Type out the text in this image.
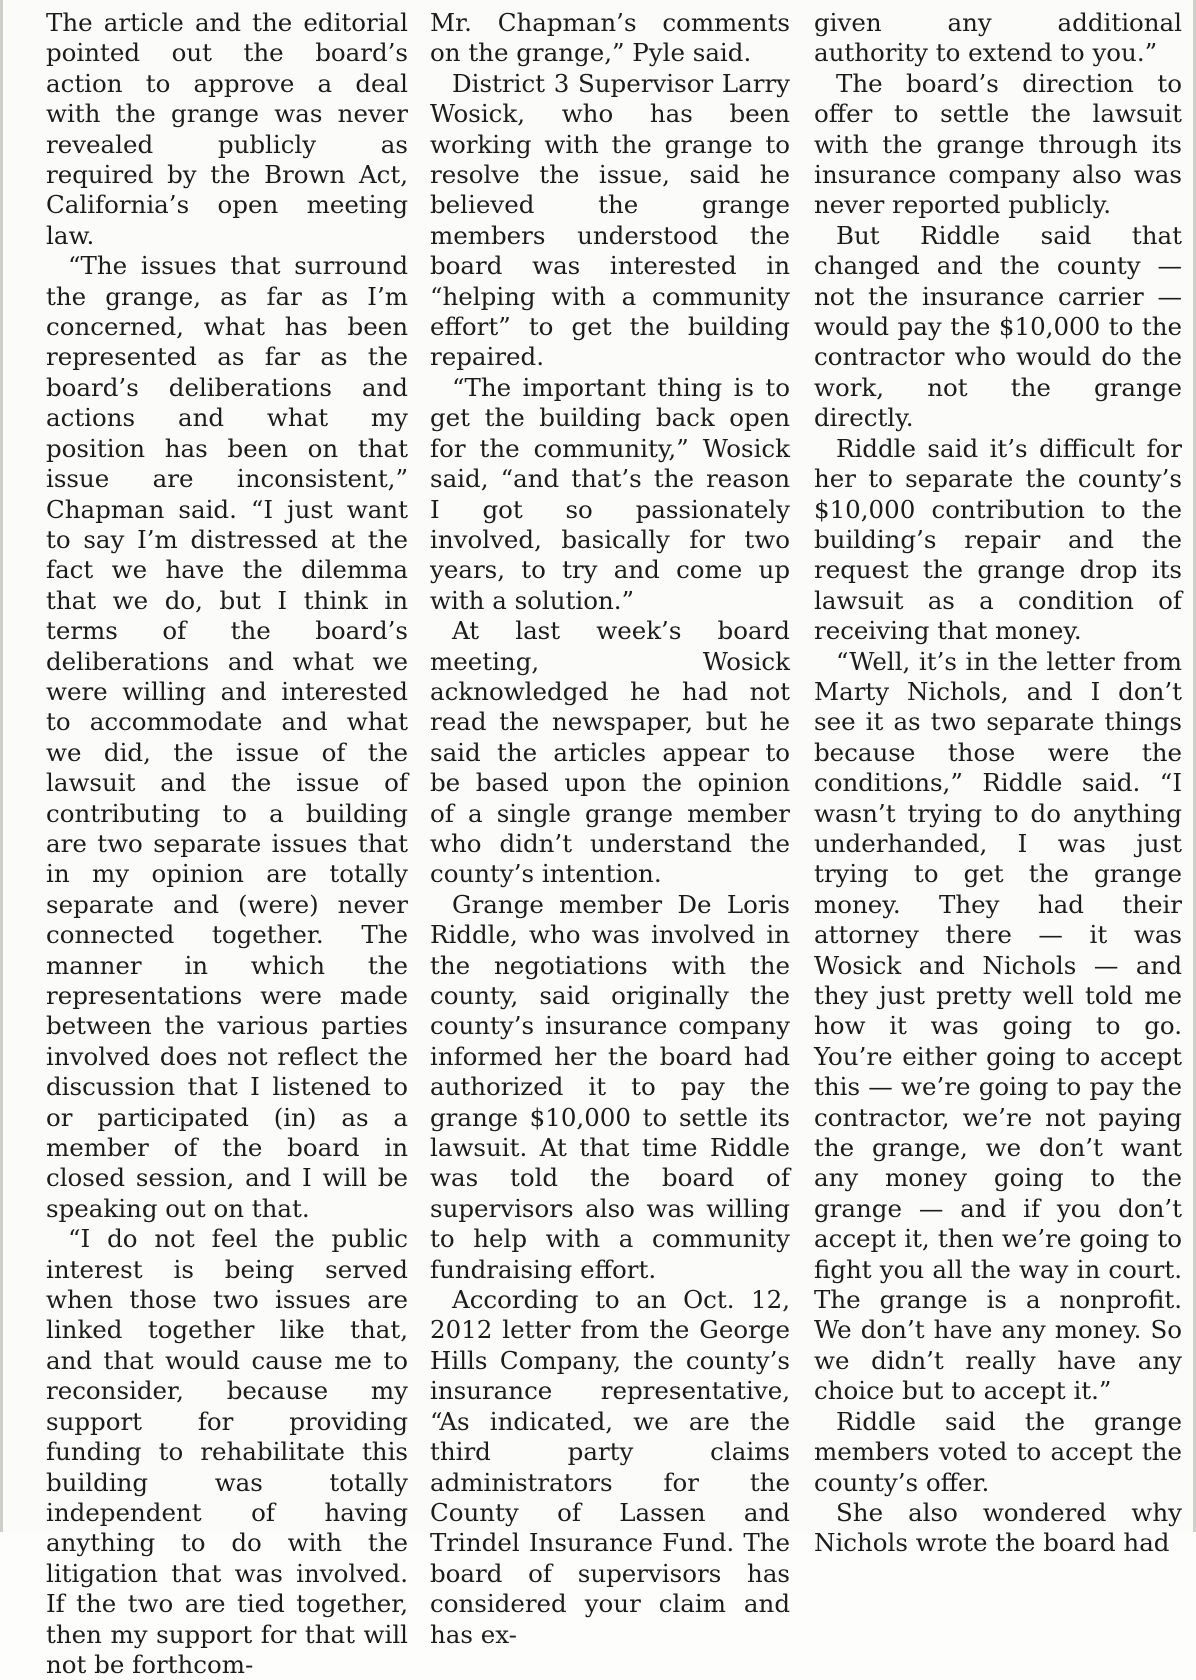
The article and the editorial pointed out the board’s action to approve a deal with the grange was never revealed publicly as required by the Brown Act, California’s open meeting law.

“The issues that surround the grange, as far as I’m concerned, what has been represented as far as the board’s deliberations and actions and what my position has been on that issue are inconsistent,” Chapman said. “I just want to say I’m distressed at the fact we have the dilemma that we do, but I think in terms of the board’s deliberations and what we were willing and interested to accommodate and what we did, the issue of the lawsuit and the issue of contributing to a building are two separate issues that in my opinion are totally separate and (were) never connected together. The manner in which the representations were made between the various parties involved does not reflect the discussion that I listened to or participated (in) as a member of the board in closed session, and I will be speaking out on that.

“I do not feel the public interest is being served when those two issues are linked together like that, and that would cause me to reconsider, because my support for providing funding to rehabilitate this building was totally independent of having anything to do with the litigation that was involved. If the two are tied together, then my support for that will not be forthcom-

Mr. Chapman’s comments on the grange,” Pyle said.

District 3 Supervisor Larry Wosick, who has been working with the grange to resolve the issue, said he believed the grange members understood the board was interested in “helping with a community effort” to get the building repaired.

“The important thing is to get the building back open for the community,” Wosick said, “and that’s the reason I got so passionately involved, basically for two years, to try and come up with a solution.”

At last week’s board meeting, Wosick acknowledged he had not read the newspaper, but he said the articles appear to be based upon the opinion of a single grange member who didn’t understand the county’s intention.

Grange member De Loris Riddle, who was involved in the negotiations with the county, said originally the county’s insurance company informed her the board had authorized it to pay the grange $10,000 to settle its lawsuit. At that time Riddle was told the board of supervisors also was willing to help with a community fundraising effort.

According to an Oct. 12, 2012 letter from the George Hills Company, the county’s insurance representative, “As indicated, we are the third party claims administrators for the County of Lassen and Trindel Insurance Fund. The board of supervisors has considered your claim and has ex-

given any additional authority to extend to you.”

The board’s direction to offer to settle the lawsuit with the grange through its insurance company also was never reported publicly.

But Riddle said that changed and the county — not the insurance carrier — would pay the $10,000 to the contractor who would do the work, not the grange directly.

Riddle said it’s difficult for her to separate the county’s $10,000 contribution to the building’s repair and the request the grange drop its lawsuit as a condition of receiving that money.

“Well, it’s in the letter from Marty Nichols, and I don’t see it as two separate things because those were the conditions,” Riddle said. “I wasn’t trying to do anything underhanded, I was just trying to get the grange money. They had their attorney there — it was Wosick and Nichols — and they just pretty well told me how it was going to go. You’re either going to accept this — we’re going to pay the contractor, we’re not paying the grange, we don’t want any money going to the grange — and if you don’t accept it, then we’re going to fight you all the way in court. The grange is a nonprofit. We don’t have any money. So we didn’t really have any choice but to accept it.”

Riddle said the grange members voted to accept the county’s offer.

She also wondered why Nichols wrote the board had
